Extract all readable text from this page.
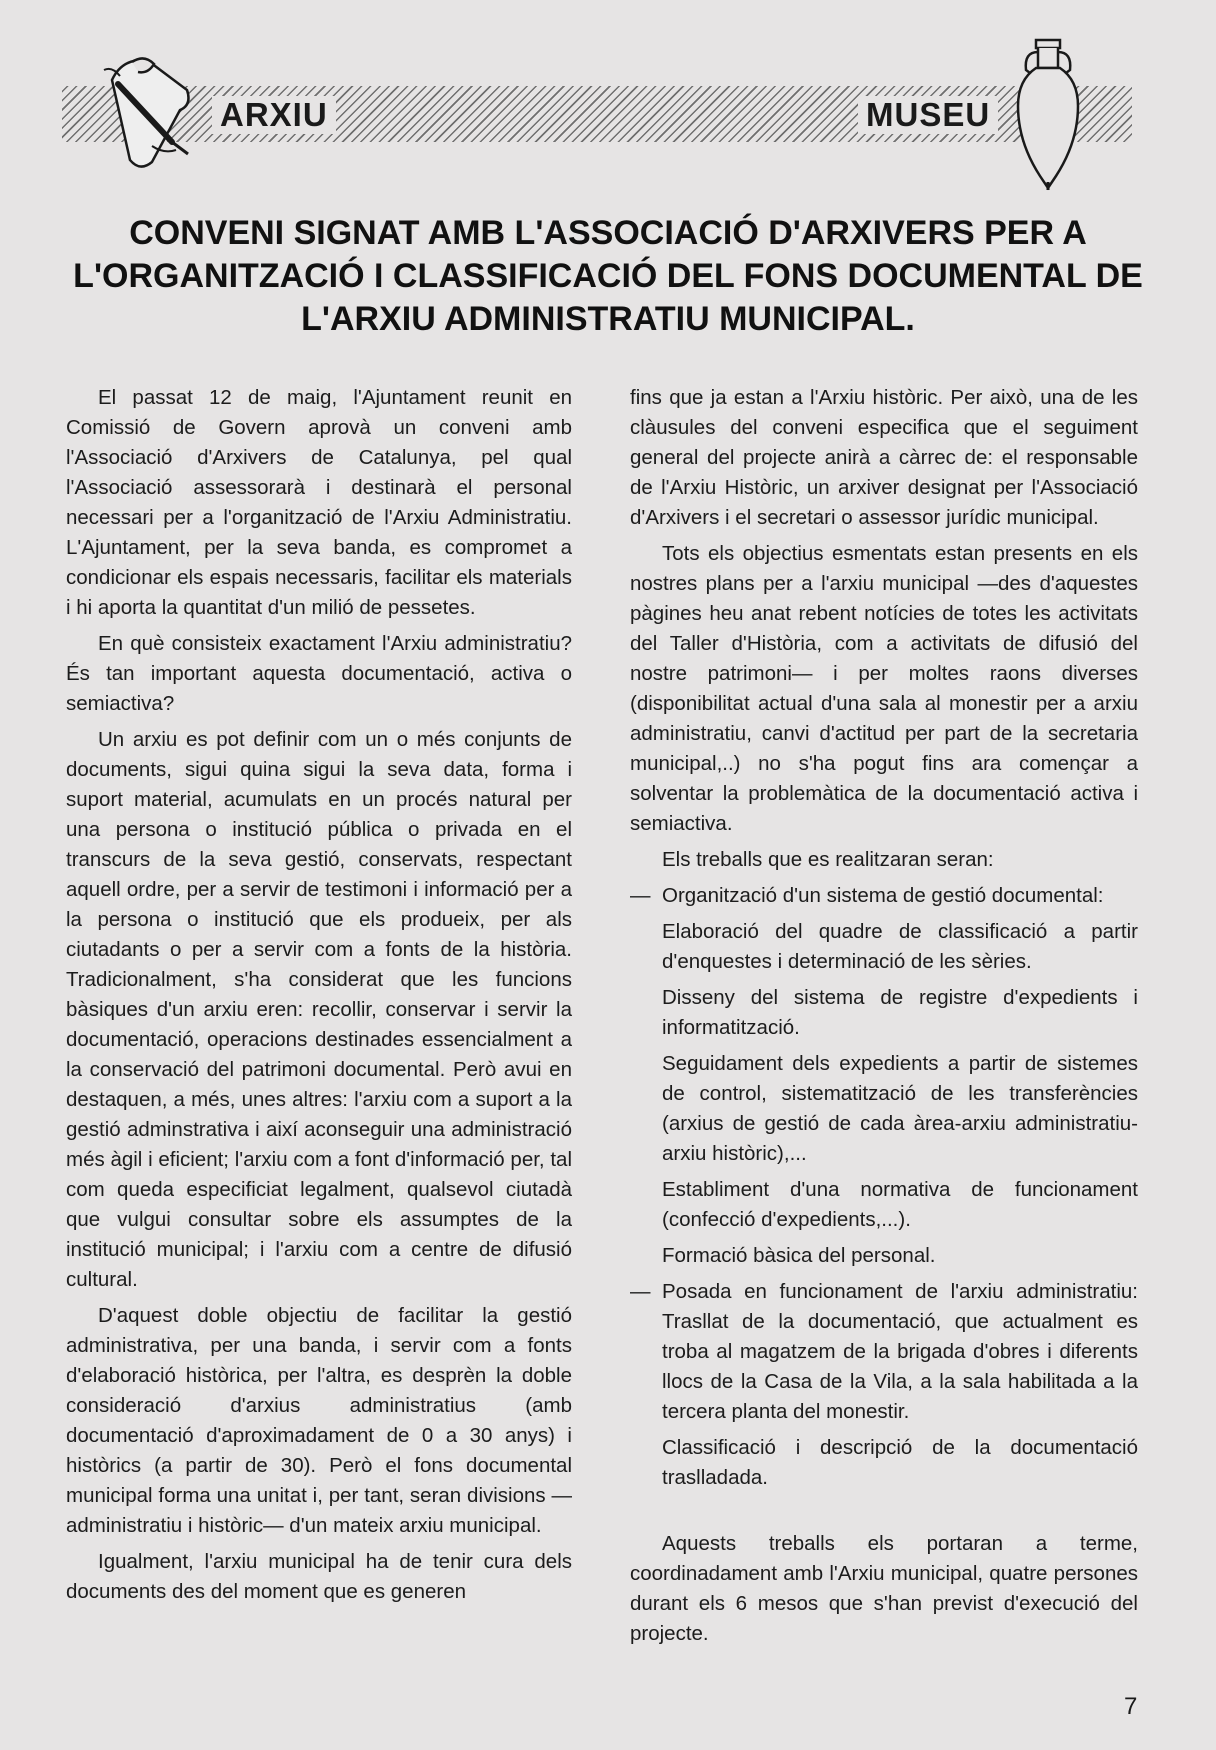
ARXIU	MUSEU
CONVENI SIGNAT AMB L'ASSOCIACIÓ D'ARXIVERS PER A L'ORGANITZACIÓ I CLASSIFICACIÓ DEL FONS DOCUMENTAL DE L'ARXIU ADMINISTRATIU MUNICIPAL.

El passat 12 de maig, l'Ajuntament reunit en Comissió de Govern aprovà un conveni amb l'Associació d'Arxivers de Catalunya, pel qual l'Associació assessorarà i destinarà el personal necessari per a l'organització de l'Arxiu Administratiu. L'Ajuntament, per la seva banda, es compromet a condicionar els espais necessaris, facilitar els materials i hi aporta la quantitat d'un milió de pessetes.

En què consisteix exactament l'Arxiu administratiu? És tan important aquesta documentació, activa o semiactiva?

Un arxiu es pot definir com un o més conjunts de documents, sigui quina sigui la seva data, forma i suport material, acumulats en un procés natural per una persona o institució pública o privada en el transcurs de la seva gestió, conservats, respectant aquell ordre, per a servir de testimoni i informació per a la persona o institució que els produeix, per als ciutadants o per a servir com a fonts de la història. Tradicionalment, s'ha considerat que les funcions bàsiques d'un arxiu eren: recollir, conservar i servir la documentació, operacions destinades essencialment a la conservació del patrimoni documental. Però avui en destaquen, a més, unes altres: l'arxiu com a suport a la gestió adminstrativa i així aconseguir una administració més àgil i eficient; l'arxiu com a font d'informació per, tal com queda especificiat legalment, qualsevol ciutadà que vulgui consultar sobre els assumptes de la institució municipal; i l'arxiu com a centre de difusió cultural.

D'aquest doble objectiu de facilitar la gestió administrativa, per una banda, i servir com a fonts d'elaboració històrica, per l'altra, es desprèn la doble consideració d'arxius administratius (amb documentació d'aproximadament de 0 a 30 anys) i històrics (a partir de 30). Però el fons documental municipal forma una unitat i, per tant, seran divisions —administratiu i històric— d'un mateix arxiu municipal.

Igualment, l'arxiu municipal ha de tenir cura dels documents des del moment que es generen

fins que ja estan a l'Arxiu històric. Per això, una de les clàusules del conveni especifica que el seguiment general del projecte anirà a càrrec de: el responsable de l'Arxiu Històric, un arxiver designat per l'Associació d'Arxivers i el secretari o assessor jurídic municipal.

Tots els objectius esmentats estan presents en els nostres plans per a l'arxiu municipal —des d'aquestes pàgines heu anat rebent notícies de totes les activitats del Taller d'Història, com a activitats de difusió del nostre patrimoni— i per moltes raons diverses (disponibilitat actual d'una sala al monestir per a arxiu administratiu, canvi d'actitud per part de la secretaria municipal,..) no s'ha pogut fins ara començar a solventar la problemàtica de la documentació activa i semiactiva.

Els treballs que es realitzaran seran:

— Organització d'un sistema de gestió documental:
Elaboració del quadre de classificació a partir d'enquestes i determinació de les sèries.
Disseny del sistema de registre d'expedients i informatització.
Seguidament dels expedients a partir de sistemes de control, sistematització de les transferències (arxius de gestió de cada àrea-arxiu administratiu-arxiu històric),...
Establiment d'una normativa de funcionament (confecció d'expedients,...).
Formació bàsica del personal.
— Posada en funcionament de l'arxiu administratiu: Trasllat de la documentació, que actualment es troba al magatzem de la brigada d'obres i diferents llocs de la Casa de la Vila, a la sala habilitada a la tercera planta del monestir.
Classificació i descripció de la documentació traslladada.

Aquests treballs els portaran a terme, coordinadament amb l'Arxiu municipal, quatre persones durant els 6 mesos que s'han previst d'execució del projecte.

7
